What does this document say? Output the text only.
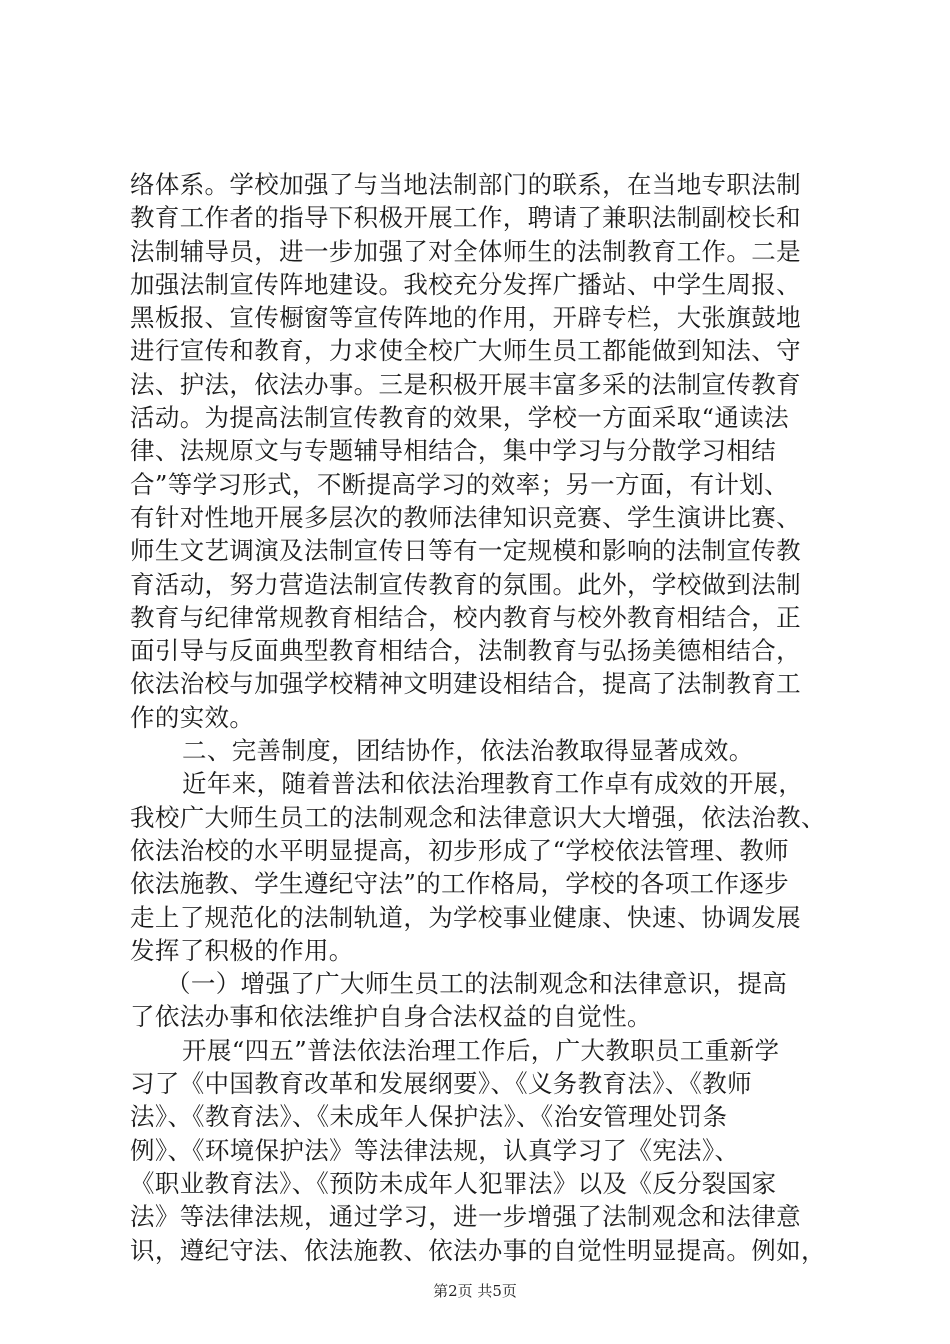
络体系。学校加强了与当地法制部门的联系，在当地专职法制
教育工作者的指导下积极开展工作，聘请了兼职法制副校长和
法制辅导员，进一步加强了对全体师生的法制教育工作。二是
加强法制宣传阵地建设。我校充分发挥广播站、中学生周报、
黑板报、宣传橱窗等宣传阵地的作用，开辟专栏，大张旗鼓地
进行宣传和教育，力求使全校广大师生员工都能做到知法、守
法、护法，依法办事。三是积极开展丰富多采的法制宣传教育
活动。为提高法制宣传教育的效果，学校一方面采取“通读法
律、法规原文与专题辅导相结合，集中学习与分散学习相结
合”等学习形式，不断提高学习的效率；另一方面，有计划、
有针对性地开展多层次的教师法律知识竞赛、学生演讲比赛、
师生文艺调演及法制宣传日等有一定规模和影响的法制宣传教
育活动，努力营造法制宣传教育的氛围。此外，学校做到法制
教育与纪律常规教育相结合，校内教育与校外教育相结合，正
面引导与反面典型教育相结合，法制教育与弘扬美德相结合，
依法治校与加强学校精神文明建设相结合，提高了法制教育工
作的实效。
二、完善制度，团结协作，依法治教取得显著成效。
近年来，随着普法和依法治理教育工作卓有成效的开展，
我校广大师生员工的法制观念和法律意识大大增强，依法治教、
依法治校的水平明显提高，初步形成了“学校依法管理、教师
依法施教、学生遵纪守法”的工作格局，学校的各项工作逐步
走上了规范化的法制轨道，为学校事业健康、快速、协调发展
发挥了积极的作用。
（一）增强了广大师生员工的法制观念和法律意识，提高
了依法办事和依法维护自身合法权益的自觉性。
开展“四五”普法依法治理工作后，广大教职员工重新学
习了《中国教育改革和发展纲要》、《义务教育法》、《教师
法》、《教育法》、《未成年人保护法》、《治安管理处罚条
例》、《环境保护法》等法律法规，认真学习了《宪法》、
《职业教育法》、《预防未成年人犯罪法》以及《反分裂国家
法》等法律法规，通过学习，进一步增强了法制观念和法律意
识，遵纪守法、依法施教、依法办事的自觉性明显提高。例如，
第2页 共5页
